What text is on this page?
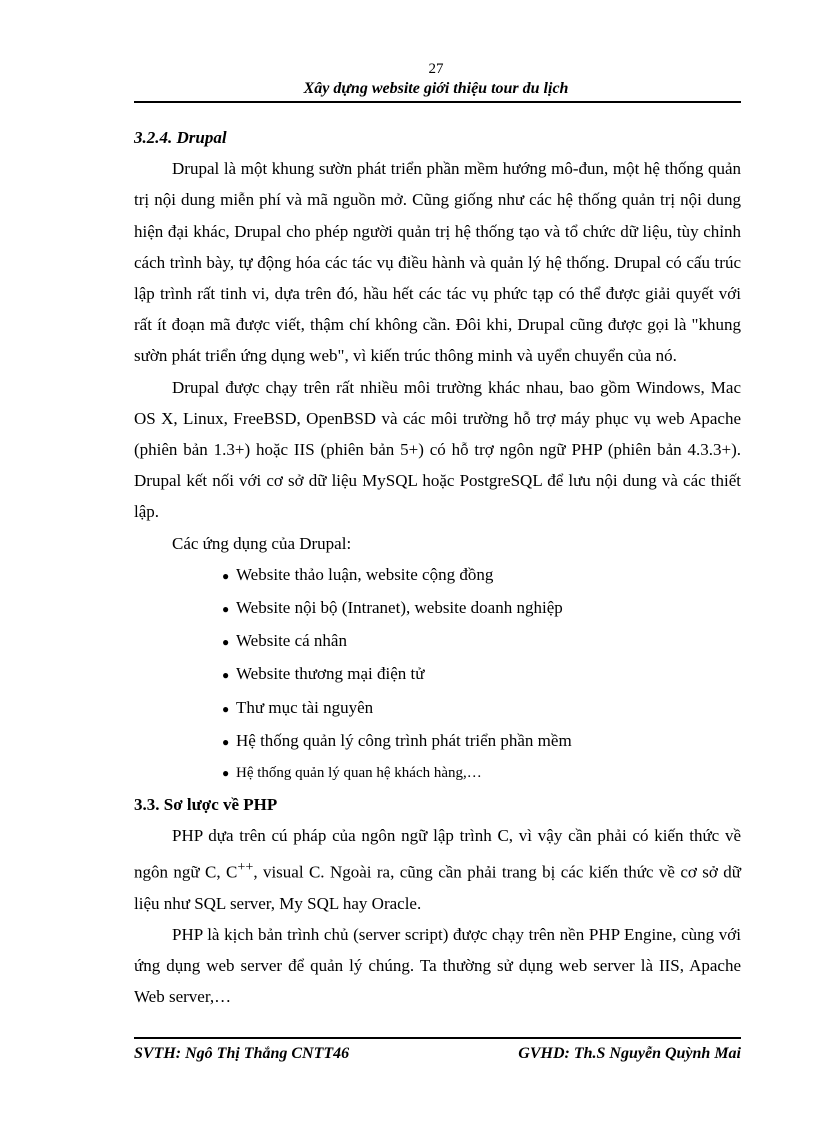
27
Xây dựng website giới thiệu tour du lịch

3.2.4. Drupal

Drupal là một khung sườn phát triển phần mềm hướng mô-đun, một hệ thống quản trị nội dung miễn phí và mã nguồn mở. Cũng giống như các hệ thống quản trị nội dung hiện đại khác, Drupal cho phép người quản trị hệ thống tạo và tổ chức dữ liệu, tùy chỉnh cách trình bày, tự động hóa các tác vụ điều hành và quản lý hệ thống. Drupal có cấu trúc lập trình rất tinh vi, dựa trên đó, hầu hết các tác vụ phức tạp có thể được giải quyết với rất ít đoạn mã được viết, thậm chí không cần. Đôi khi, Drupal cũng được gọi là "khung sườn phát triển ứng dụng web", vì kiến trúc thông minh và uyển chuyển của nó.

Drupal được chạy trên rất nhiều môi trường khác nhau, bao gồm Windows, Mac OS X, Linux, FreeBSD, OpenBSD và các môi trường hỗ trợ máy phục vụ web Apache (phiên bản 1.3+) hoặc IIS (phiên bản 5+) có hỗ trợ ngôn ngữ PHP (phiên bản 4.3.3+). Drupal kết nối với cơ sở dữ liệu MySQL hoặc PostgreSQL để lưu nội dung và các thiết lập.

Các ứng dụng của Drupal:

● Website thảo luận, website cộng đồng
● Website nội bộ (Intranet), website doanh nghiệp
● Website cá nhân
● Website thương mại điện tử
● Thư mục tài nguyên
● Hệ thống quản lý công trình phát triển phần mềm
● Hệ thống quản lý quan hệ khách hàng,…

3.3. Sơ lược về PHP

PHP dựa trên cú pháp của ngôn ngữ lập trình C, vì vậy cần phải có kiến thức về ngôn ngữ C, C++, visual C. Ngoài ra, cũng cần phải trang bị các kiến thức về cơ sở dữ liệu như SQL server, My SQL hay Oracle.

PHP là kịch bản trình chủ (server script) được chạy trên nền PHP Engine, cùng với ứng dụng web server để quản lý chúng. Ta thường sử dụng web server là IIS, Apache Web server,…

SVTH: Ngô Thị Thắng CNTT46	GVHD: Th.S Nguyễn Quỳnh Mai
